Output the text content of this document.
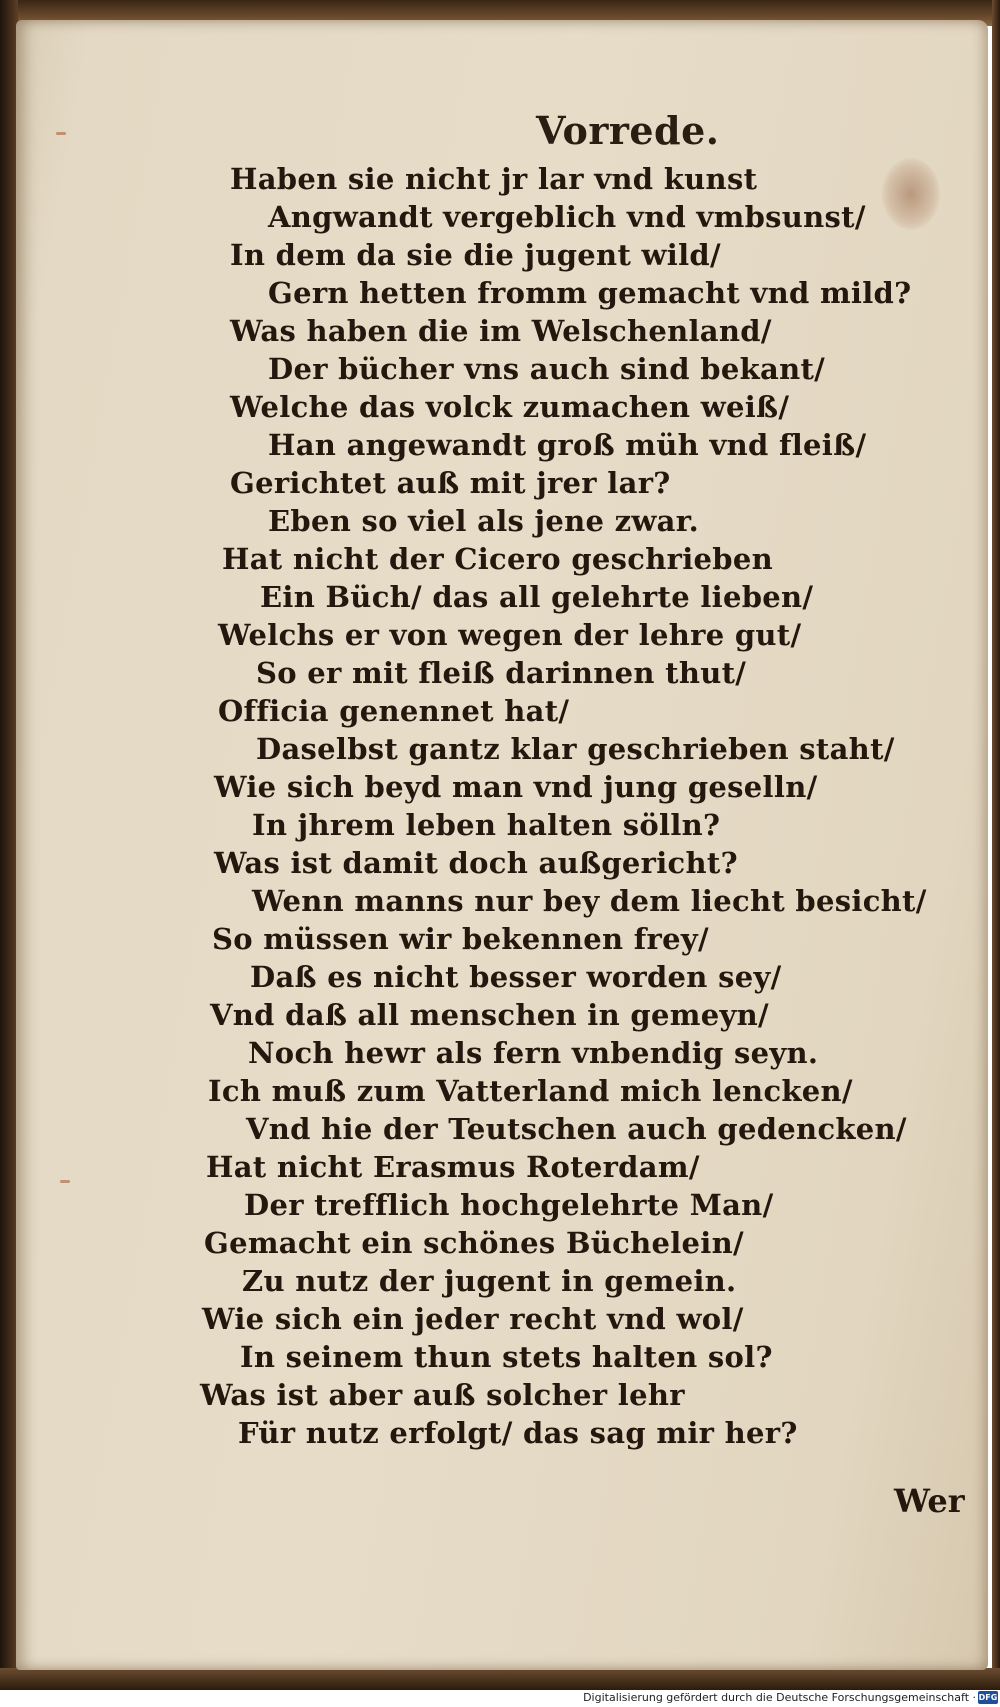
Vorrede.
Haben sie nicht jr lar vnd kunst
Angwandt vergeblich vnd vmbsunst/
In dem da sie die jugent wild/
Gern hetten fromm gemacht vnd mild?
Was haben die im Welschenland/
Der bücher vns auch sind bekant/
Welche das volck zumachen weiß/
Han angewandt groß müh vnd fleiß/
Gerichtet auß mit jrer lar?
Eben so viel als jene zwar.
Hat nicht der Cicero geschrieben
Ein Büch/ das all gelehrte lieben/
Welchs er von wegen der lehre gut/
So er mit fleiß darinnen thut/
Officia genennet hat/
Daselbst gantz klar geschrieben staht/
Wie sich beyd man vnd jung geselln/
In jhrem leben halten sölln?
Was ist damit doch außgericht?
Wenn manns nur bey dem liecht besicht/
So müssen wir bekennen frey/
Daß es nicht besser worden sey/
Vnd daß all menschen in gemeyn/
Noch hewr als fern vnbendig seyn.
Ich muß zum Vatterland mich lencken/
Vnd hie der Teutschen auch gedencken/
Hat nicht Erasmus Roterdam/
Der trefflich hochgelehrte Man/
Gemacht ein schönes Büchelein/
Zu nutz der jugent in gemein.
Wie sich ein jeder recht vnd wol/
In seinem thun stets halten sol?
Was ist aber auß solcher lehr
Für nutz erfolgt/ das sag mir her?
Wer
Digitalisierung gefördert durch die Deutsche Forschungsgemeinschaft · DFG
